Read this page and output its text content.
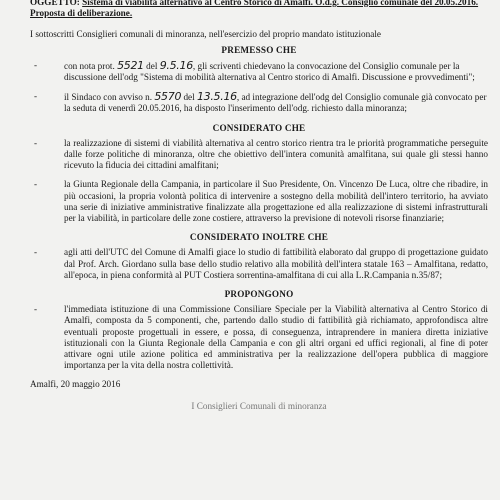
OGGETTO: Sistema di viabilità alternativo al Centro Storico di Amalfi. O.d.g. Consiglio comunale del 20.05.2016. Proposta di deliberazione.
I sottoscritti Consiglieri comunali di minoranza, nell'esercizio del proprio mandato istituzionale
PREMESSO CHE
-	con nota prot. 5521 del 9.5.16, gli scriventi chiedevano la convocazione del Consiglio comunale per la discussione dell'odg "Sistema di mobilità alternativa al Centro storico di Amalfi. Discussione e provvedimenti";
-	il Sindaco con avviso n. 5570 del 13.5.16, ad integrazione dell'odg del Consiglio comunale già convocato per la seduta di venerdì 20.05.2016, ha disposto l'inserimento dell'odg. richiesto dalla minoranza;
CONSIDERATO CHE
-	la realizzazione di sistemi di viabilità alternativa al centro storico rientra tra le priorità programmatiche perseguite dalle forze politiche di minoranza, oltre che obiettivo dell'intera comunità amalfitana, sui quale gli stessi hanno ricevuto la fiducia dei cittadini amalfitani;
-	la Giunta Regionale della Campania, in particolare il Suo Presidente, On. Vincenzo De Luca, oltre che ribadire, in più occasioni, la propria volontà politica di intervenire a sostegno della mobilità dell'intero territorio, ha avviato una serie di iniziative amministrative finalizzate alla progettazione ed alla realizzazione di sistemi infrastrutturali per la viabilità, in particolare delle zone costiere, attraverso la previsione di notevoli risorse finanziarie;
CONSIDERATO INOLTRE CHE
-	agli atti dell'UTC del Comune di Amalfi giace lo studio di fattibilità elaborato dal gruppo di progettazione guidato dal Prof. Arch. Giordano sulla base dello studio relativo alla mobilità dell'intera statale 163 – Amalfitana, redatto, all'epoca, in piena conformità al PUT Costiera sorrentina-amalfitana di cui alla L.R.Campania n.35/87;
PROPONGONO
-	l'immediata istituzione di una Commissione Consiliare Speciale per la Viabilità alternativa al Centro Storico di Amalfi, composta da 5 componenti, che, partendo dallo studio di fattibilità già richiamato, approfondisca altre eventuali proposte progettuali in essere, e possa, di conseguenza, intraprendere in maniera diretta iniziative istituzionali con la Giunta Regionale della Campania e con gli altri organi ed uffici regionali, al fine di poter attivare ogni utile azione politica ed amministrativa per la realizzazione dell'opera pubblica di maggiore importanza per la vita della nostra collettività.
Amalfi, 20 maggio 2016
I Consiglieri Comunali di minoranza
